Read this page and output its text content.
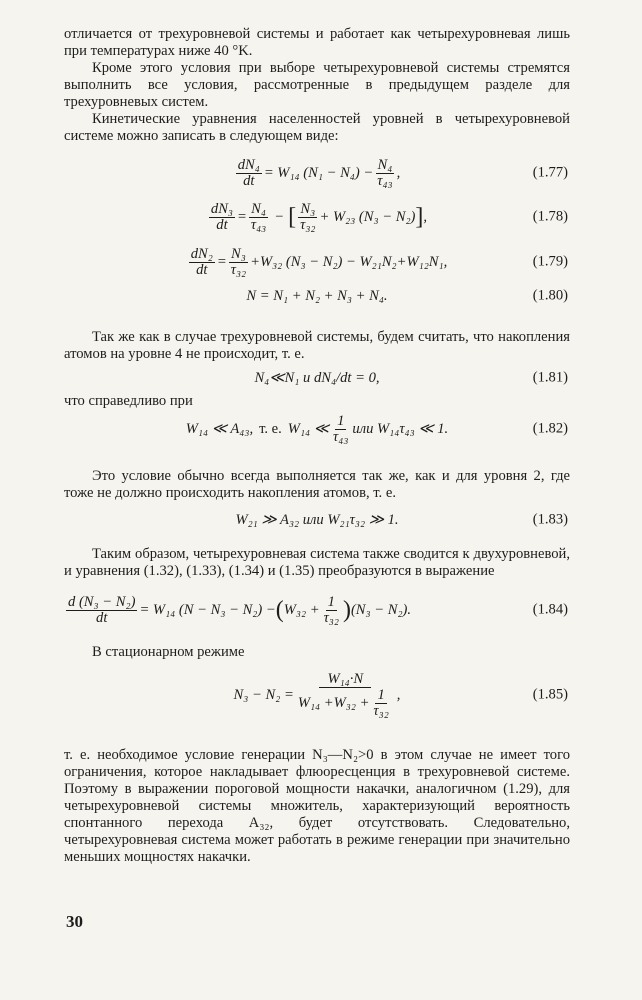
отличается от трехуровневой системы и работает как четырехуровневая лишь при температурах ниже 40 °K.

Кроме этого условия при выборе четырехуровневой системы стремятся выполнить все условия, рассмотренные в предыдущем разделе для трехуровневых систем.

Кинетические уравнения населенностей уровней в четырехуровневой системе можно записать в следующем виде:

$\frac{\text{dN₄}}{dt} = W_{14}$ $(N_1 - N_4) - \frac{\text{N₄}}{\text{τ₄₃}}$ ,	(1.77)
$\frac{\text{dN₃}}{dt} = \frac{\text{N₄}}{\text{τ₄₃}}$ − [ $\frac{\text{N₃}}{\text{τ₃₂}} + W_{23}$ (N₃ − N₂) ] ,	(1.78)
$\frac{\text{dN₂}}{dt} = \frac{\text{N₃}}{\text{τ₃₂}} +W_{32}$ (N₃ − N₂) − W₂₁N₂+W₁₂N₁,	(1.79)
N = N₁ + N₂ + N₃ + N₄.	(1.80)

Так же как в случае трехуровневой системы, будем считать, что накопления атомов на уровне 4 не происходит, т. е.

N₄≪N₁ и dN₄/dt = 0,	(1.81)

что справедливо при

W₁₄ ≪ A₄₃, т. е. W₁₄ ≪ $\frac{1}{\text{τ₄₃}}$ или W₁₄τ₄₃ ≪ 1.	(1.82)

Это условие обычно всегда выполняется так же, как и для уровня 2, где тоже не должно происходить накопления атомов, т. е.

W₂₁ ≫ A₃₂ или W₂₁τ₃₂ ≫ 1.	(1.83)

Таким образом, четырехуровневая система также сводится к двухуровневой, и уравнения (1.32), (1.33), (1.34) и (1.35) преобразуются в выражение

$\frac{\text{d (N₃ − N₂)}}{dt} = W_{14}$ (N − N₃ − N₂) − ( $W_{32} + \frac{1}{\text{τ₃₂}}$ ) (N₃ − N₂).	(1.84)

В стационарном режиме

$N_3 - N_2 = \frac{\text{W₁₄·N}}{W_{14} +W_{32} + \frac{1}{\text{τ₃₂}}}$ ,	(1.85)

т. е. необходимое условие генерации N₃—N₂>0 в этом случае не имеет того ограничения, которое накладывает флюоресценция в трехуровневой системе. Поэтому в выражении пороговой мощности накачки, аналогичном (1.29), для четырехуровневой системы множитель, характеризующий вероятность спонтанного перехода A₃₂, будет отсутствовать. Следовательно, четырехуровневая система может работать в режиме генерации при значительно меньших мощностях накачки.

30
